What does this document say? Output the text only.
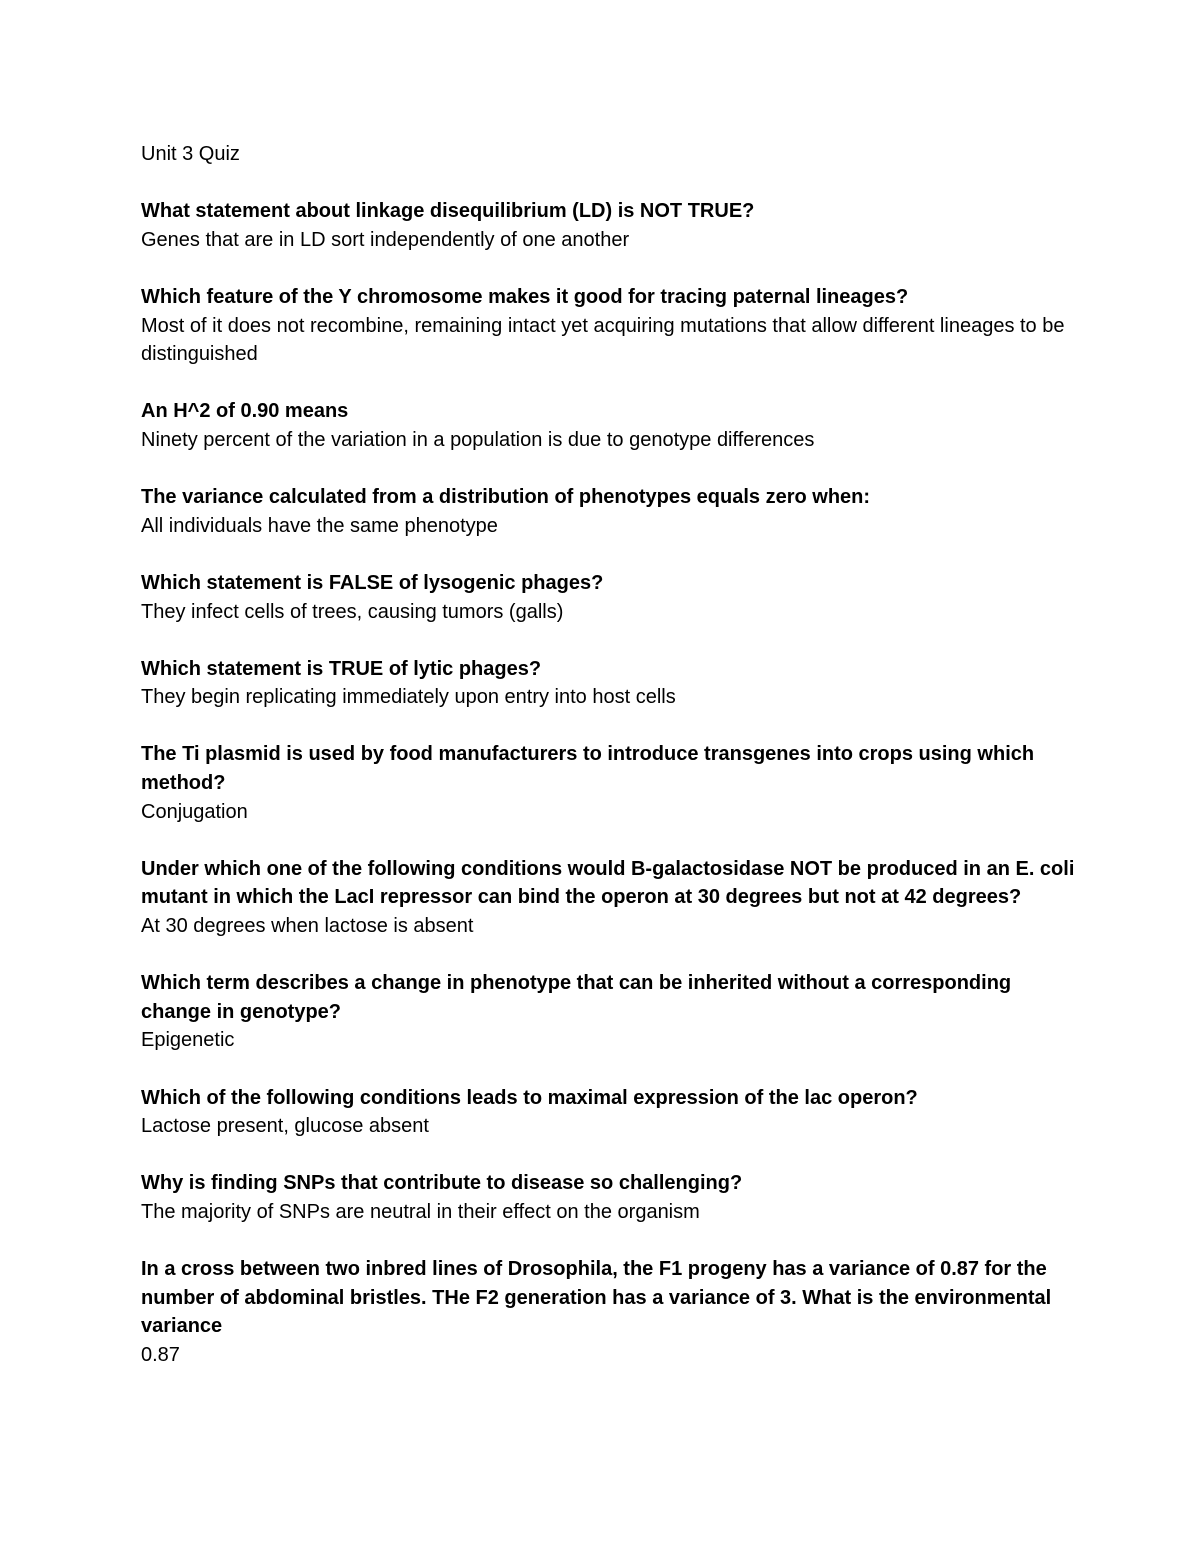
Unit 3 Quiz

What statement about linkage disequilibrium (LD) is NOT TRUE?

Genes that are in LD sort independently of one another

Which feature of the Y chromosome makes it good for tracing paternal lineages?

Most of it does not recombine, remaining intact yet acquiring mutations that allow different lineages to be distinguished

An H^2 of 0.90 means

Ninety percent of the variation in a population is due to genotype differences

The variance calculated from a distribution of phenotypes equals zero when:

All individuals have the same phenotype

Which statement is FALSE of lysogenic phages?

They infect cells of trees, causing tumors (galls)

Which statement is TRUE of lytic phages?

They begin replicating immediately upon entry into host cells

The Ti plasmid is used by food manufacturers to introduce transgenes into crops using which method?

Conjugation

Under which one of the following conditions would B-galactosidase NOT be produced in an E. coli mutant in which the LacI repressor can bind the operon at 30 degrees but not at 42 degrees?

At 30 degrees when lactose is absent

Which term describes a change in phenotype that can be inherited without a corresponding change in genotype?

Epigenetic

Which of the following conditions leads to maximal expression of the lac operon?

Lactose present, glucose absent

Why is finding SNPs that contribute to disease so challenging?

The majority of SNPs are neutral in their effect on the organism

In a cross between two inbred lines of Drosophila, the F1 progeny has a variance of 0.87 for the number of abdominal bristles. THe F2 generation has a variance of 3. What is the environmental variance

0.87
